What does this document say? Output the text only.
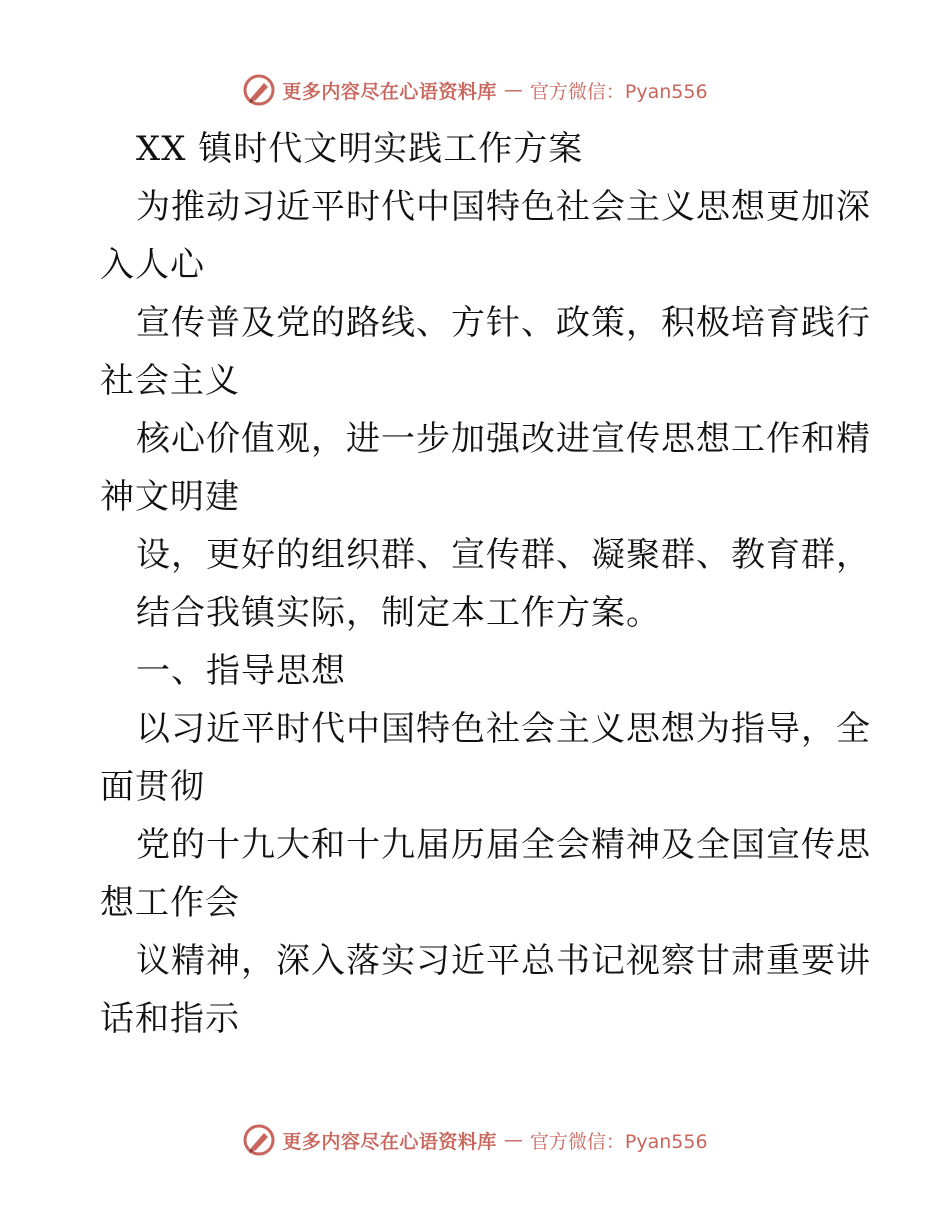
更多内容尽在心语资料库 — 官方微信：Pyan556
XX 镇时代文明实践工作方案
为推动习近平时代中国特色社会主义思想更加深
入人心
宣传普及党的路线、方针、政策，积极培育践行
社会主义
核心价值观，进一步加强改进宣传思想工作和精
神文明建
设，更好的组织群、宣传群、凝聚群、教育群，
结合我镇实际，制定本工作方案。
一、指导思想
以习近平时代中国特色社会主义思想为指导，全
面贯彻
党的十九大和十九届历届全会精神及全国宣传思
想工作会
议精神，深入落实习近平总书记视察甘肃重要讲
话和指示
更多内容尽在心语资料库 — 官方微信：Pyan556
